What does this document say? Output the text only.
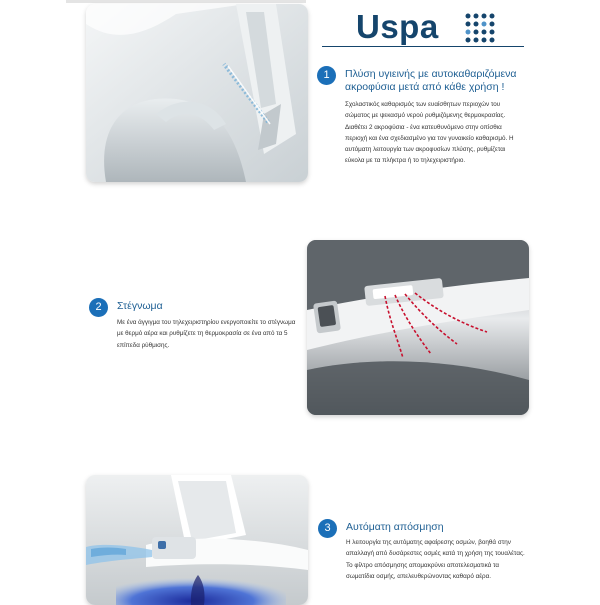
Uspa
1	Πλύση υγιεινής με αυτοκαθαριζόμενα ακροφύσια μετά από κάθε χρήση !
Σχολαστικός καθαρισμός των ευαίσθητων περιοχών του σώματος με ψεκασμό νερού ρυθμιζόμενης θερμοκρασίας. Διαθέτει 2 ακροφύσια - ένα κατευθυνόμενο στην οπίσθια περιοχή και ένα σχεδιασμένο για τον γυναικείο καθαρισμό. Η αυτόματη λειτουργία των ακροφυσίων πλύσης, ρυθμίζεται εύκολα με τα πλήκτρα ή το τηλεχειριστήριο.
2	Στέγνωμα
Με ένα άγγιγμα του τηλεχειριστηρίου ενεργοποιείτε το στέγνωμα με θερμό αέρα και ρυθμίζετε τη θερμοκρασία σε ένα από τα 5 επίπεδα ρύθμισης.
3	Αυτόματη απόσμηση
Η λειτουργία της αυτόματης αφαίρεσης οσμών, βοηθά στην απαλλαγή από δυσάρεστες οσμές κατά τη χρήση της τουαλέτας. Το φίλτρο απόσμησης απομακρύνει αποτελεσματικά τα σωματίδια οσμής, απελευθερώνοντας καθαρό αέρα.
